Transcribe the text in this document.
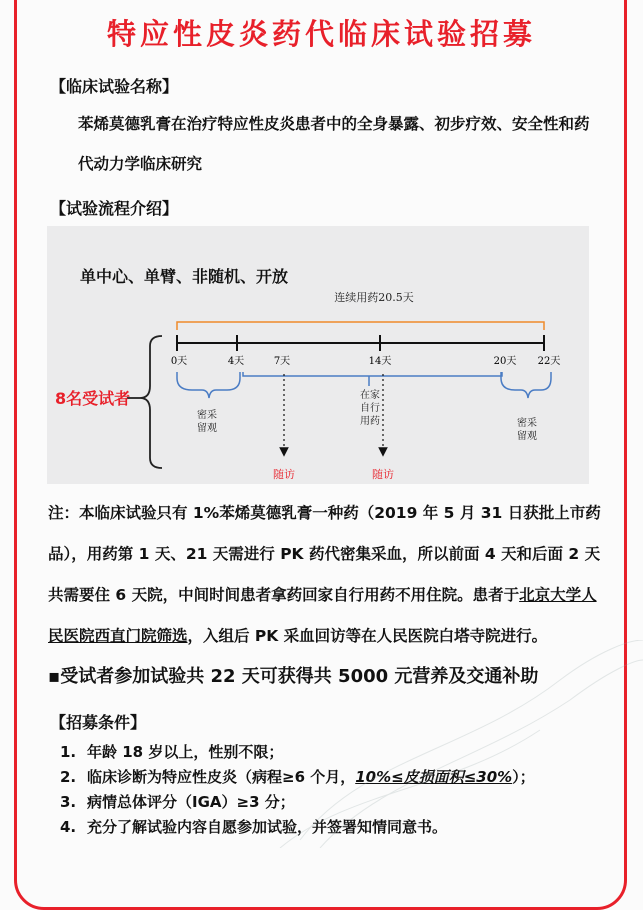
特应性皮炎药代临床试验招募
【临床试验名称】
苯烯莫德乳膏在治疗特应性皮炎患者中的全身暴露、初步疗效、安全性和药
代动力学临床研究
【试验流程介绍】
单中心、单臂、非随机、开放
连续用药20.5天
8名受试者
0天	4天	7天	14天	20天 22天
密采留观	密采留观
在家自行用药
随访	随访
注：本临床试验只有 1%苯烯莫德乳膏一种药（2019 年 5 月 31 日获批上市药
品），用药第 1 天、21 天需进行 PK 药代密集采血，所以前面 4 天和后面 2 天
共需要住 6 天院，中间时间患者拿药回家自行用药不用住院。患者于北京大学人
民医院西直门院筛选，入组后 PK 采血回访等在人民医院白塔寺院进行。
▪受试者参加试验共 22 天可获得共 5000 元营养及交通补助
【招募条件】
1. 年龄 18 岁以上，性别不限；
2. 临床诊断为特应性皮炎（病程≥6 个月，10%≤皮损面积≤30%）；
3. 病情总体评分（IGA）≥3 分；
4. 充分了解试验内容自愿参加试验，并签署知情同意书。
